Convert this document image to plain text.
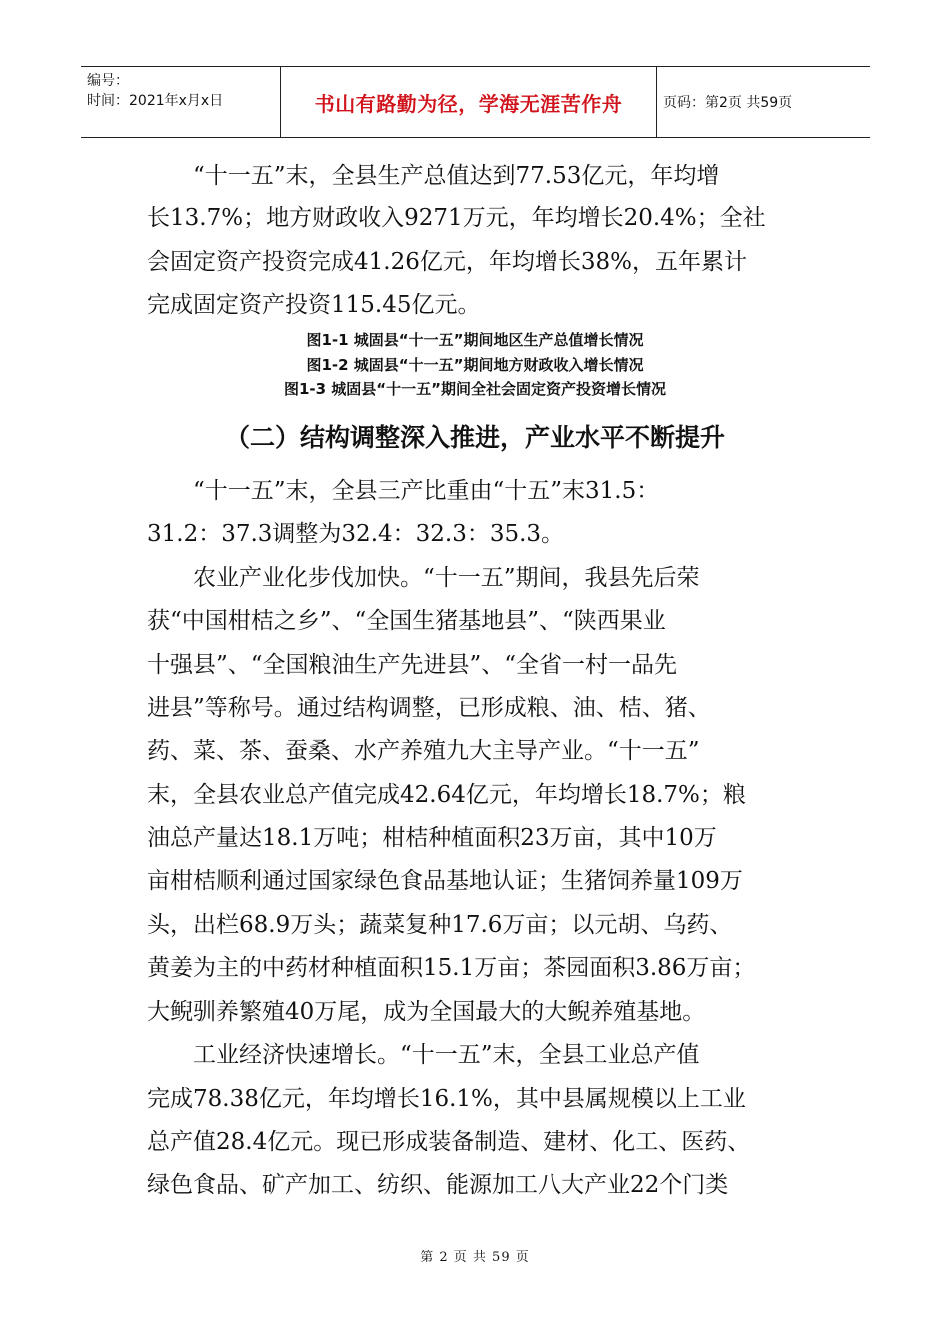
编号：
时间：2021年x月x日	书山有路勤为径，学海无涯苦作舟	页码：第2页 共59页
“十一五”末，全县生产总值达到77.53亿元，年均增
长13.7%；地方财政收入9271万元，年均增长20.4%；全社
会固定资产投资完成41.26亿元，年均增长38%，五年累计
完成固定资产投资115.45亿元。
图1-1 城固县“十一五”期间地区生产总值增长情况
图1-2 城固县“十一五”期间地方财政收入增长情况
图1-3 城固县“十一五”期间全社会固定资产投资增长情况
（二）结构调整深入推进，产业水平不断提升
“十一五”末，全县三产比重由“十五”末31.5：
31.2：37.3调整为32.4：32.3：35.3。
农业产业化步伐加快。“十一五”期间，我县先后荣
获“中国柑桔之乡”、“全国生猪基地县”、“陕西果业
十强县”、“全国粮油生产先进县”、“全省一村一品先
进县”等称号。通过结构调整，已形成粮、油、桔、猪、
药、菜、茶、蚕桑、水产养殖九大主导产业。“十一五”
末，全县农业总产值完成42.64亿元，年均增长18.7%；粮
油总产量达18.1万吨；柑桔种植面积23万亩，其中10万
亩柑桔顺利通过国家绿色食品基地认证；生猪饲养量109万
头，出栏68.9万头；蔬菜复种17.6万亩；以元胡、乌药、
黄姜为主的中药材种植面积15.1万亩；茶园面积3.86万亩；
大鲵驯养繁殖40万尾，成为全国最大的大鲵养殖基地。
工业经济快速增长。“十一五”末，全县工业总产值
完成78.38亿元，年均增长16.1%，其中县属规模以上工业
总产值28.4亿元。现已形成装备制造、建材、化工、医药、
绿色食品、矿产加工、纺织、能源加工八大产业22个门类
第 2 页 共 59 页
